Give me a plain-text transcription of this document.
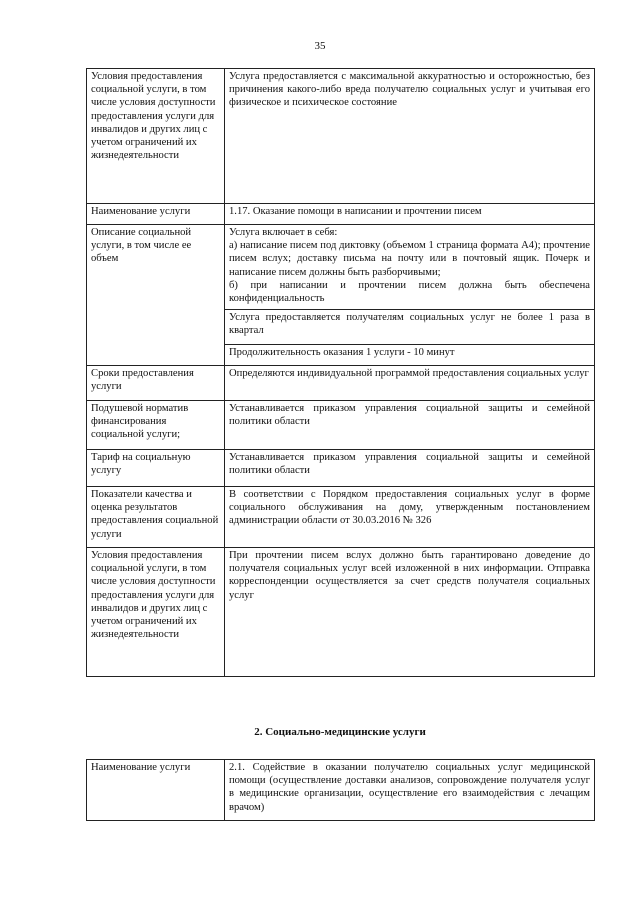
35
Условия предоставления социальной услуги, в том числе условия доступности предоставления услуги для инвалидов и других лиц с учетом ограничений их жизнедеятельности	Услуга предоставляется с максимальной аккуратностью и осторожностью, без причинения какого-либо вреда получателю социальных услуг и учитывая его физическое и психическое состояние
Наименование услуги	1.17. Оказание помощи в написании и прочтении писем
Описание социальной услуги, в том числе ее объем	Услуга включает в себя:
а) написание писем под диктовку (объемом 1 страница формата А4); прочтение писем вслух; доставку письма на почту или в почтовый ящик. Почерк и написание писем должны быть разборчивыми;
б) при написании и прочтении писем должна быть обеспечена конфиденциальность
	Услуга предоставляется получателям социальных услуг не более 1 раза в квартал
	Продолжительность оказания 1 услуги - 10 минут
Сроки предоставления услуги	Определяются индивидуальной программой предоставления социальных услуг
Подушевой норматив финансирования социальной услуги;	Устанавливается приказом управления социальной защиты и семейной политики области
Тариф на социальную услугу	Устанавливается приказом управления социальной защиты и семейной политики области
Показатели качества и оценка результатов предоставления социальной услуги	В соответствии с Порядком предоставления социальных услуг в форме социального обслуживания на дому, утвержденным постановлением администрации области от 30.03.2016 № 326
Условия предоставления социальной услуги, в том числе условия доступности предоставления услуги для инвалидов и других лиц с учетом ограничений их жизнедеятельности	При прочтении писем вслух должно быть гарантировано доведение до получателя социальных услуг всей изложенной в них информации. Отправка корреспонденции осуществляется за счет средств получателя социальных услуг
2. Социально-медицинские услуги
Наименование услуги	2.1. Содействие в оказании получателю социальных услуг медицинской помощи (осуществление доставки анализов, сопровождение получателя услуг в медицинские организации, осуществление его взаимодействия с лечащим врачом)
